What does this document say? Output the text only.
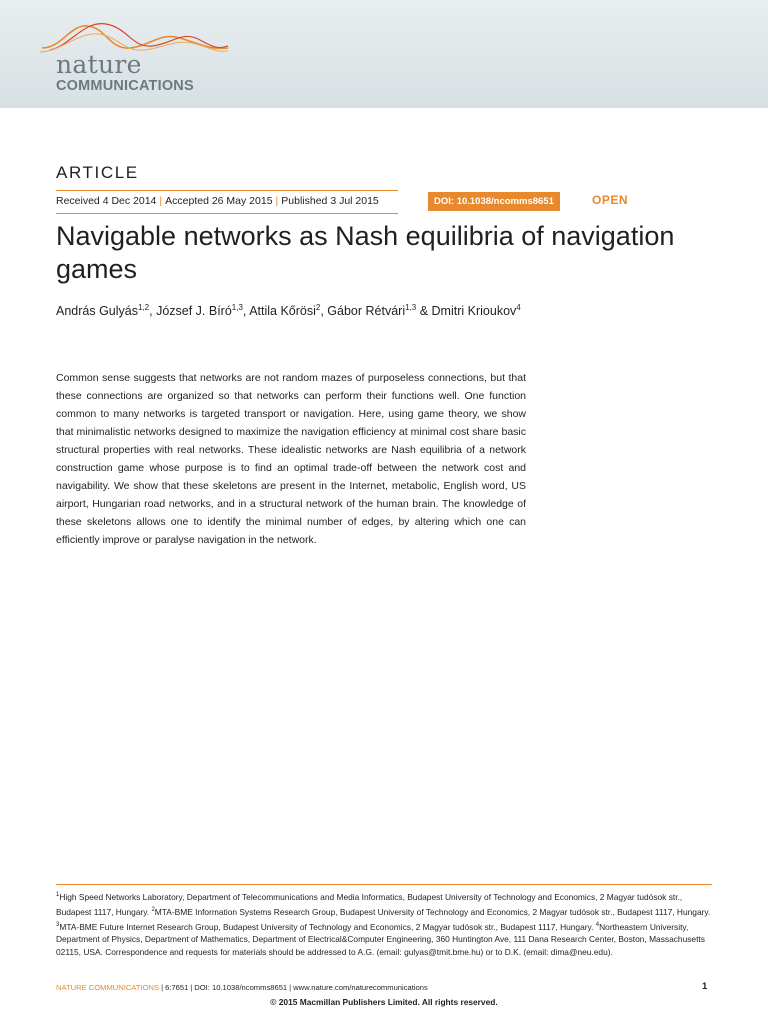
nature
COMMUNICATIONS
ARTICLE
Received 4 Dec 2014 | Accepted 26 May 2015 | Published 3 Jul 2015	DOI: 10.1038/ncomms8651	OPEN
Navigable networks as Nash equilibria of navigation games
András Gulyás$^{1,2}$, József J. Bíró$^{1,3}$, Attila Kőrösi$^2$, Gábor Rétvári$^{1,3}$ & Dmitri Krioukov$^4$

Common sense suggests that networks are not random mazes of purposeless connections, but that these connections are organized so that networks can perform their functions well. One function common to many networks is targeted transport or navigation. Here, using game theory, we show that minimalistic networks designed to maximize the navigation efficiency at minimal cost share basic structural properties with real networks. These idealistic networks are Nash equilibria of a network construction game whose purpose is to find an optimal trade-off between the network cost and navigability. We show that these skeletons are present in the Internet, metabolic, English word, US airport, Hungarian road networks, and in a structural network of the human brain. The knowledge of these skeletons allows one to identify the minimal number of edges, by altering which one can efficiently improve or paralyse navigation in the network.

$^1$High Speed Networks Laboratory, Department of Telecommunications and Media Informatics, Budapest University of Technology and Economics, 2 Magyar tudósok str., Budapest 1117, Hungary. $^2$MTA-BME Information Systems Research Group, Budapest University of Technology and Economics, 2 Magyar tudósok str., Budapest 1117, Hungary. $^3$MTA-BME Future Internet Research Group, Budapest University of Technology and Economics, 2 Magyar tudósok str., Budapest 1117, Hungary. $^4$Northeastern University, Department of Physics, Department of Mathematics, Department of Electrical&Computer Engineering, 360 Huntington Ave, 111 Dana Research Center, Boston, Massachusetts 02115, USA. Correspondence and requests for materials should be addressed to A.G. (email: gulyas@tmit.bme.hu) or to D.K. (email: dima@neu.edu).

NATURE COMMUNICATIONS | 6:7651 | DOI: 10.1038/ncomms8651 | www.nature.com/naturecommunications	1
© 2015 Macmillan Publishers Limited. All rights reserved.
